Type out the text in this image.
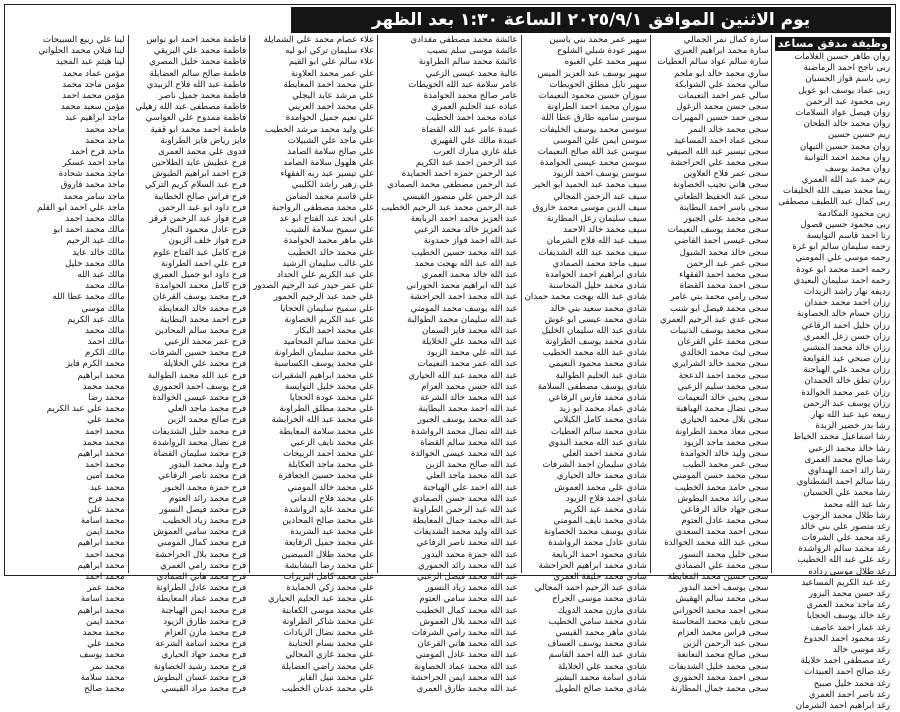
يوم الاثنين الموافق ٢٠٢٥/٩/١ الساعة ١:٣٠ بعد الظهر
وظيفة مدقق مساعد
روان طاهر حسين الغلامات
ربى ناجح احمد الرماضنة
ربى باسم فواز الحسبان
ربى عماد يوسف ابو عويل
ربى محمود عبد الرحمن
روان فيصل عواد السلامات
روان محمد خالد الطحان
ريم حسين حسين
روان محمد حسين التيهان
روان محمد احمد التوانبة
روان محمد يوسف
ريم حمد عبد الله العمري
ريما محمد ضيف الله الخليفات
ربى كمال عبد اللطيف مصطفى
زين محمود المكادمة
ربى محمود حسين قصول
رنا احمد قاسم النوايسة
رحمه سليمان سالم ابو غرة
رحمه موسى علي المومني
رحمه احمد محمد ابو عودة
رحمه احمد سليمان البعيدي
رديفه نهار راشد الزيدات
رزان احمد محمد حمدان
رزان حسام خالد الخصاونة
رزان خليل احمد الرفاعي
رزان حسن زعل العمري
رزان خالد محمد المشني
رزان صبحي عيد القوابعة
رزان محمد علي الهياجنة
رزان نطق خالد الحمدان
رزان عمر محمد الخوالدة
رزان يوسف عبد الرحمن
ربيعه عيد عبد الله نهار
رشا بدر خضير الزبدة
رشا اسماعيل محمد الخياط
رشا خالد محمد الزعبي
رشا صالح محمد العمرى
رشا رائد احمد الهنداوي
رشا سالم احمد الشطناوي
رشا محمد علي الحسبان
رشا عبد الله محمد
رشا طلال محمد الرجوب
رغد منصور علي بني خالد
رغد محمد علي الشرفات
رغد محمد سالم الرواشدة
رغد علي عبد الله الخطيب
رغد طلال موسى رداده
رغد عبد الكريم المساعيد
رغد حسن محمد البزور
رغد ماجد محمد العمري
رغد خالد يوسف الحجايا
رغد عمار احمد عاصف
رغد محمود احمد الجدوع
رغد موسى خالد
رغد مصطفى احمد خلايلة
رغد صالح احمد العبيدات
رغد محمد خليل صبيح
رغد ناصر احمد العمري
رغد ابراهيم احمد الشرمان
سارة كمال نمر الجمالي
سارة محمد ابراهيم العبري
سارة سالم عواد سالم العطيات
ساري محمد خالد ابو ملحم
سالي محمد علي الشوابكة
سالي عمر احمد النعيمات
سجى حسن محمد الزغول
سجى حمد حسين المهيرات
سجى محمد خالد النمر
سجى عماد احمد المساعيد
سجى تيسير عبد الله الصيفي
سجى محمد علي الحراحشة
سجى عمر فلاح العلاوين
سجى هاني نجيب الخصاونة
سجى عبد الحفيظ الطعاني
سجى ياسر احمد البطاينة
سجى محمد علي الجبور
سجى محمد يوسف النعيمات
سجى عيسى احمد القاضي
سجى خالد محمد الشبول
سجى عمر عبد الرحمن
سجى محمد احمد الفقهاء
سجى احمد محمد القضاة
سجى رامي محمد بني عامر
سجى محمد فيصل ابو شنب
سجى عدي عبد الرحيم العمري
سجى محمد يوسف الذنيبات
سجى محمد علي القرعان
سجى ليث محمد الخالدي
سجى محمد خالد الشرايري
سجى محمد احمد الدعجة
سجى محمد سليم الزعبي
سجى يحيى خالد النعيمات
سجى نضال محمد الهباهبة
سجى بلال محمد الحياري
سجى معاذ محمد الطراونة
سجى محمد ماجد الزيود
سجى وليد خالد الحوامدة
سجى عمر محمد الطيب
سجى محمد حسن المومني
سجى حامد محمد الخطيب
سجى رائد محمد البطوش
سجى جهاد خالد الرفاعي
سجى محمد عادل العتوم
سجى احمد محمد السعدي
سجى عبد الله محمد الخوالدة
سجى خليل محمد النسور
سجى محمد علي الصمادي
سجى حسين محمد المعايطة
سجى يوسف احمد البدور
سجى محمد سالم الهقيش
سجى احمد محمد الحوراني
سجى نايف محمد المحاسنة
سجى فراس محمد العزام
سجى عبد الرحمن الزبن
سجى صالح محمد النعانعة
سجى محمد خليل الشديفات
سجى احمد محمد الحموري
سجى محمد جمال المطارنة
سهير عمر محمد بني ياسين
سهير عودة شبلي الشلوح
سهير محمد علي العبوه
سهير يوسف عبد العزيز الميس
سهير نايل مطلق الحويطات
سوزان حسين محمود النعيمات
سوزان محمد احمد الطراونة
سوسن ساميه طارق عطا الله
سوسن محمد يوسف الخليفات
سوسن ايمن علي الموسى
سوسن عبد الله صالح النعيمات
سوسن محمد عيسى الحوامدة
سوسن يوسف احمد الزيود
سيف محمد عبد الحميد ابو الخير
سيف عبد الرحمن المجالي
سيف الدين موسى محمد خازوق
سيف سليمان زعل المطارنة
سيف محمد خالد الاحمد
سيف عبد الله فلاح الشرمان
سيف محمد عبد الله الشديفات
سيف ماجد محمد الصمادي
شادي ابراهيم احمد الحوامدة
شادي محمد خليل المحاسنة
شادي عبد الله بهجت محمد حمدان
شادي محمد سعيد بني خالد
شادي محمد عيسى ابو غوش
شادي عبد الله سليمان الخليل
شادي محمد يوسف الطراونة
شادي عبد الله محمد الخطيب
شادي محمد محمود النعيمي
شادي عبد الحليم الطوالبة
شادي يوسف مصطفى السلامة
شادي محمد فارس الرفاعي
شادي عماد محمد ابو زيد
شادي محمد كامل الكيلاني
شادي محمد سالم العطيات
شادي عبد الله محمد البدوي
شادي محمد احمد العلي
شادي سليمان احمد الشرفات
شادي محمد خالد الحياري
شادي علي محمد العموش
شادي احمد فلاح الزيود
شادي محمد عبد الكريم
شادي محمد نايف المومني
شادي يوسف محمد الخصاونة
شادي عادل محمد الرواشدة
شادي محمود احمد الربابعة
شادي محمد ابراهيم الحراحشة
شادي محمد خليفة العمري
شادي عبد الرحيم احمد المجالي
شادي محمد موسى الجراح
شادي مازن محمد الدويك
شادي محمد سامي الخطيب
شادي ماهر محمد القيسي
شادي محمد يوسف العساف
شادي عبد الله احمد القاسم
شادي محمد علي الخلايلة
شادي اسامة محمد البشير
شادي محمد صالح الطويل
عائشة محمد مصطفى مقدادي
عائشة موسى سلم نصيب
عائشة محمد سالم الطراونة
عالية محمد عيسى الزغبي
عامر سلامة عبد الله الحويطات
عامر صالح محمد الحوامدة
عباده عبد الحليم العمري
عباده محمد احمد الخطيب
عبيدة عامر عبد الله القضاة
عبيدة مالك علي الفهيري
عبلة غازي مبارك العرب
عبد الرحمن احمد عبد الكريم
عبد الرحمن حمزه احمد الحمايدة
عبد الرحمن مصطفى محمد الصمادي
عبد الرحمن علي منصور القيسي
عبد الرحمن محمد عبد الرحيم الخطيب
عبد العزيز محمد احمد الربابعة
عبد العزيز خالد محمد الزعبي
عبد الله احمد فواز حمدونة
عبد الله محمد حسين الخطيب
عبد الله عبد الله بهجت محمد
عبد الله خالد محمد العمري
عبد الله ابراهيم محمد الحوراني
عبد الله محمد احمد الحراحشة
عبد الله يوسف محمد المومني
عبد الله سليمان محمد الطوالبة
عبد الله محمد فايز السمان
عبد الله محمد علي الخلايلة
عبد الله علي محمد الزيود
عبد الله عمر محمد النعيمات
عبد الله محمد عبد الله الحياري
عبد الله حسن محمد العزام
عبد الله محمد خالد الشرعة
عبد الله احمد محمد البطاينة
عبد الله محمد يوسف الجبور
عبد الله نضال محمد الرواشدة
عبد الله محمد سالم القضاة
عبد الله محمد عيسى الخوالدة
عبد الله صالح محمد الزبن
عبد الله محمد ماجد العلي
عبد الله احمد علي الهياجنة
عبد الله محمد حسن الصمادي
عبد الله عبد الرحمن الطراونة
عبد الله محمد جمال المعايطة
عبد الله وليد محمد الشديفات
عبد الله محمد ناصر الرفاعي
عبد الله حمزة محمد البدور
عبد الله محمد رائد الحموري
عبد الله محمد فيصل الزعبي
عبد الله محمد زياد النسور
عبد الله محمد سامي العتوم
عبد الله محمد كمال الخطيب
عبد الله محمد بلال العموش
عبد الله محمد رامي الشرفات
عبد الله محمد هاني القرعان
عبد الله محمد عادل المومني
عبد الله محمد عماد الخصاونة
عبد الله محمد ايمن الحراحشة
عبد الله محمد طارق العمري
علاء عصام محمد علي الشمايلة
علاء سليمان تركي ابو ليه
علاء سالم علي ابو القيم
علي عمر محمد العلاونة
علي محمد احمد المعايطة
علي مرشد عايد البجلي
علي محمد احمد العريني
علي نعيم جميل الحوامدة
علي وليد محمد مرشد الخطيب
علي ماجد علي الشبيلات
علي صالح سلامة الصامد
علي هلهول سلامة الصامد
علي تيسير عبد ربه الفقهاء
علي زهير راشد الكليبي
علي قاسم محمد الضامن
علي محمد مصطفى الرواجبة
علي انجد عبد الفتاح ابو عد
علي سميح سلامة الشيب
علي ماهر محمد الحوامدة
علي محمد خالد الخطيب
علي غالب سليمان الرشيد
علي عبد الكريم علي الحداد
علي عمر حيدر عبد الرحيم الصدور
علي حمد عبد الرحيم الحمور
علي سميح سليمان الحجايا
علي عبد الكريم الخصاونة
علي محمد احمد البكار
علي محمد سالم المحاميد
علي محمد سليمان الطراونة
علي محمد يوسف الكساسبة
علي محمد ابراهيم الشقيرات
علي محمد خليل النوايسة
علي محمد عودة الحجايا
علي محمد مطلق الطراونة
علي محمد عبد الله الخرابشة
علي محمد سلامة المعايطة
علي محمد نايف الزعبي
علي محمد احمد الربيحات
علي محمد ماجد العكايلة
علي محمد حسين الجعافرة
علي محمد خالد المومني
علي محمد فلاح الدماني
علي محمد عايد الرواشدة
علي محمد صالح المحادين
علي محمد عيد الشريدة
علي محمد جميل الرفايعة
علي محمد طلال المبيضين
علي محمد رضا البشابشة
علي محمد كامل البريزات
علي محمد زكي الحمايدة
علي محمد عبد الحليم الحياري
علي محمد موسى الكعابنة
علي محمد شاكر الطراونة
علي محمد نضال الزيادات
علي محمد بسام الحناينة
علي محمد غازي المجالي
علي محمد راضي العضايلة
علي محمد نبيل الفايز
علي محمد عدنان الخطيب
فاطمة محمد احمد ابو نواس
فاطمة محمد علي البريقي
فاطمة محمد خليل المصري
فاطمة صالح سالم العضايلة
فاطمة عبد الله فلاح الزبيدي
فاطمة محمد جميل ناصر
فاطمة مصطفى عبد الله زهيلي
فاطمة ممدوح علي العواسي
فاطمة احمد محمد ابو قفية
فايز رياض فايز الطراونة
فدوى علي محمد العمرى
فرح عطيش عايد الطلاحين
فرح احمد ابراهيم الطبوش
فرح عبد السلام كريم التركي
فرح فراس صالح الخطايبة
فرح داود ابو عبد الرحمن
فرح فواز عبد الرحمن قرقز
فرح عادل محمود النجار
فرح فواز خلف الزيون
فرح كامل عبد الفتاح علوم
فرح علي احمد الطراونة
فرح داود ابو جميل العمري
فرح كامل محمد الحوامدة
فرح محمد يوسف القرعان
فرح محمد خالد المعايطة
فرح احمد محمد البطاينة
فرح محمد سالم المحادين
فرح عمر محمد الزعبي
فرح محمد حسين الشرفات
فرح محمد علي الخلايلة
فرح عبد الله محمد الطوالبة
فرح يوسف احمد الحموري
فرح محمد عيسى الخوالدة
فرح محمد ماجد العلي
فرح صالح محمد الزبن
فرح محمد خليل الشديفات
فرح نضال محمد الرواشدة
فرح محمد سليمان القضاة
فرح وليد محمد البدور
فرح محمد ناصر الرفاعي
فرح حمزة محمد الجبور
فرح محمد رائد العتوم
فرح محمد فيصل النسور
فرح محمد زياد الخطيب
فرح محمد سامي العموش
فرح محمد كمال المومني
فرح محمد بلال الحراحشة
فرح محمد رامي العمري
فرح محمد هاني الصمادي
فرح محمد عادل الطراونة
فرح محمد عماد المعايطة
فرح محمد ايمن الهياجنة
فرح محمد طارق الزيود
فرح محمد مازن العزام
فرح محمد اسامة الشرعة
فرح محمد جهاد الحياري
فرح محمد رشيد الخصاونة
فرح محمد غسان البطوش
فرح محمد مراد القيسي
لينا علي ربيع السبيحات
لينا قبلان محمد الحلواني
لينا هيثم عبد المجيد
مؤمن عماد محمد
مؤمن ماجد محمد
مؤمن محمد احمد
مؤمن سعيد محمد
ماجد ابراهيم عبد
ماجد محمد
ماجد محمد
ماجد فرح احمد
ماجد احمد عسكر
ماجد محمد شحادة
ماجد محمد فاروق
ماجد سامر محمد
ماجد علي احمد ابو القلم
مالك محمد احمد
مالك محمد احمد ابو
مالك عبد الرحيم
مالك خالد عايد
مالك محمد خليل
مالك عبد الله
مالك محمد
مالك محمد عطا الله
مالك موسى
مالك عبد الكريم
مالك محمد
مالك احمد
مالك الكرم
محمد الكرم فايز
محمد ابراهيم
محمد محمد
محمد رضا
محمد علي عبد الكريم
محمد علي
محمد احمد
محمد محمد
محمد ابراهيم
محمد احمد
محمد امين
محمد عبد
محمد فرح
محمد علي
محمد اسامة
محمد ايمن
محمد ابراهيم
محمد احمد
محمد ابراهيم
محمد احمد
محمد عمر
محمد اسامة
محمد ابراهيم
محمد ايمن
محمد محمد
محمد علي
محمد يوسف
محمد نمر
محمد سلامة
محمد صالح
